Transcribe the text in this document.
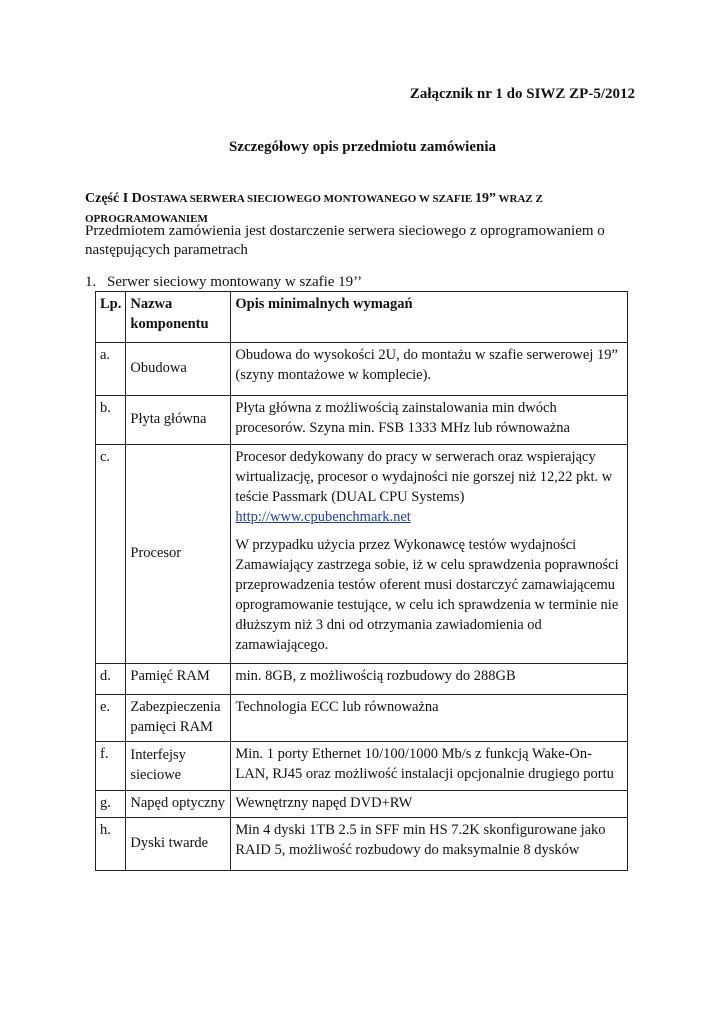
Załącznik nr 1 do SIWZ ZP-5/2012
Szczegółowy opis przedmiotu zamówienia
Część I DOSTAWA SERWERA SIECIOWEGO MONTOWANEGO W SZAFIE 19” WRAZ Z OPROGRAMOWANIEM
Przedmiotem zamówienia jest dostarczenie serwera sieciowego z oprogramowaniem o następujących parametrach
1. Serwer sieciowy montowany w szafie 19’’
Lp.	Nazwa komponentu	Opis minimalnych wymagań
a.	Obudowa	Obudowa do wysokości 2U, do montażu w szafie serwerowej 19” (szyny montażowe w komplecie).
b.	Płyta główna	Płyta główna z możliwością zainstalowania min dwóch procesorów. Szyna min. FSB 1333 MHz lub równoważna
c.	Procesor	Procesor dedykowany do pracy w serwerach oraz wspierający wirtualizację, procesor o wydajności nie gorszej niż 12,22 pkt. w teście Passmark (DUAL CPU Systems)
http://www.cpubenchmark.net
W przypadku użycia przez Wykonawcę testów wydajności Zamawiający zastrzega sobie, iż w celu sprawdzenia poprawności przeprowadzenia testów oferent musi dostarczyć zamawiającemu oprogramowanie testujące, w celu ich sprawdzenia w terminie nie dłuższym niż 3 dni od otrzymania zawiadomienia od zamawiającego.
d.	Pamięć RAM	min. 8GB, z możliwością rozbudowy do 288GB
e.	Zabezpieczenia pamięci RAM	Technologia ECC lub równoważna
f.	Interfejsy sieciowe	Min. 1 porty Ethernet 10/100/1000 Mb/s z funkcją Wake-On-LAN, RJ45 oraz możliwość instalacji opcjonalnie drugiego portu
g.	Napęd optyczny	Wewnętrzny napęd DVD+RW
h.	Dyski twarde	Min 4 dyski 1TB 2.5 in SFF min HS 7.2K skonfigurowane jako RAID 5, możliwość rozbudowy do maksymalnie 8 dysków
